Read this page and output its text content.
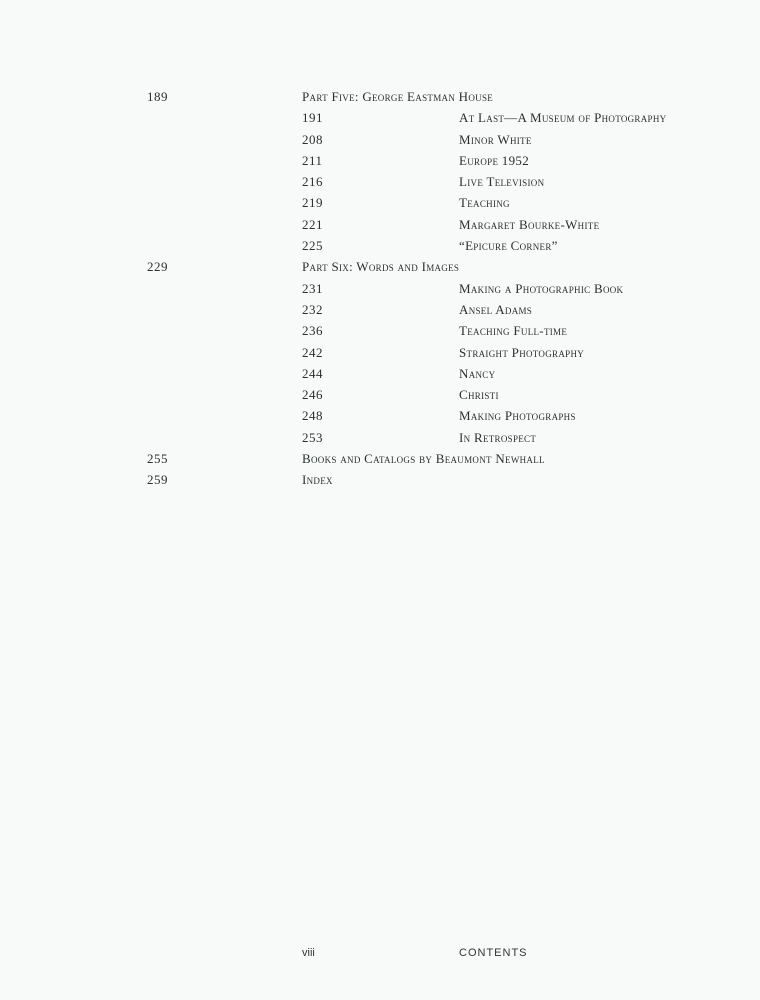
189	Part Five: George Eastman House
191	At Last—A Museum of Photography
208	Minor White
211	Europe 1952
216	Live Television
219	Teaching
221	Margaret Bourke-White
225	“Epicure Corner”
229	Part Six: Words and Images
231	Making a Photographic Book
232	Ansel Adams
236	Teaching Full-time
242	Straight Photography
244	Nancy
246	Christi
248	Making Photographs
253	In Retrospect
255	Books and Catalogs by Beaumont Newhall
259	Index
viii	CONTENTS
